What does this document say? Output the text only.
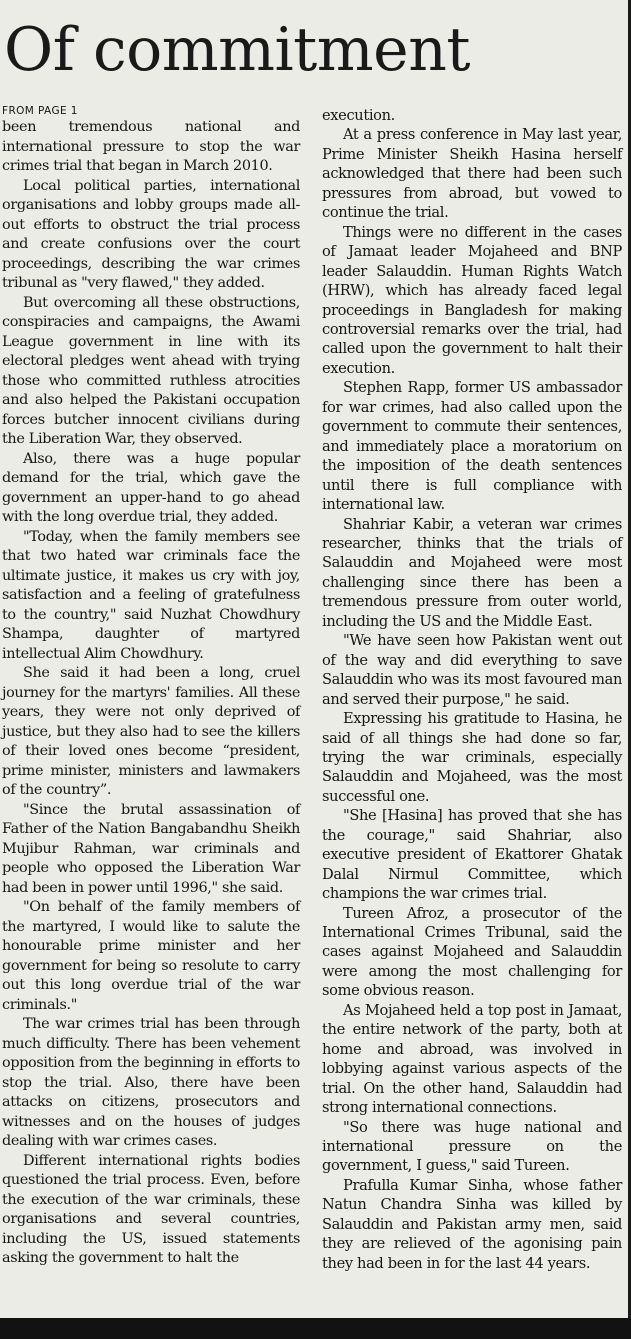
Of commitment

FROM PAGE 1

been tremendous national and international pressure to stop the war crimes trial that began in March 2010.

Local political parties, international organisations and lobby groups made all-out efforts to obstruct the trial process and create confusions over the court proceedings, describing the war crimes tribunal as "very flawed," they added.

But overcoming all these obstructions, conspiracies and campaigns, the Awami League government in line with its electoral pledges went ahead with trying those who committed ruthless atrocities and also helped the Pakistani occupation forces butcher innocent civilians during the Liberation War, they observed.

Also, there was a huge popular demand for the trial, which gave the government an upper-hand to go ahead with the long overdue trial, they added.

"Today, when the family members see that two hated war criminals face the ultimate justice, it makes us cry with joy, satisfaction and a feeling of gratefulness to the country," said Nuzhat Chowdhury Shampa, daughter of martyred intellectual Alim Chowdhury.

She said it had been a long, cruel journey for the martyrs' families. All these years, they were not only deprived of justice, but they also had to see the killers of their loved ones become “president, prime minister, ministers and lawmakers of the country”.

"Since the brutal assassination of Father of the Nation Bangabandhu Sheikh Mujibur Rahman, war criminals and people who opposed the Liberation War had been in power until 1996," she said.

"On behalf of the family members of the martyred, I would like to salute the honourable prime minister and her government for being so resolute to carry out this long overdue trial of the war criminals."

The war crimes trial has been through much difficulty. There has been vehement opposition from the beginning in efforts to stop the trial. Also, there have been attacks on citizens, prosecutors and witnesses and on the houses of judges dealing with war crimes cases.

Different international rights bodies questioned the trial process. Even, before the execution of the war criminals, these organisations and several countries, including the US, issued statements asking the government to halt the

execution.

At a press conference in May last year, Prime Minister Sheikh Hasina herself acknowledged that there had been such pressures from abroad, but vowed to continue the trial.

Things were no different in the cases of Jamaat leader Mojaheed and BNP leader Salauddin. Human Rights Watch (HRW), which has already faced legal proceedings in Bangladesh for making controversial remarks over the trial, had called upon the government to halt their execution.

Stephen Rapp, former US ambassador for war crimes, had also called upon the government to commute their sentences, and immediately place a moratorium on the imposition of the death sentences until there is full compliance with international law.

Shahriar Kabir, a veteran war crimes researcher, thinks that the trials of Salauddin and Mojaheed were most challenging since there has been a tremendous pressure from outer world, including the US and the Middle East.

"We have seen how Pakistan went out of the way and did everything to save Salauddin who was its most favoured man and served their purpose," he said.

Expressing his gratitude to Hasina, he said of all things she had done so far, trying the war criminals, especially Salauddin and Mojaheed, was the most successful one.

"She [Hasina] has proved that she has the courage," said Shahriar, also executive president of Ekattorer Ghatak Dalal Nirmul Committee, which champions the war crimes trial.

Tureen Afroz, a prosecutor of the International Crimes Tribunal, said the cases against Mojaheed and Salauddin were among the most challenging for some obvious reason.

As Mojaheed held a top post in Jamaat, the entire network of the party, both at home and abroad, was involved in lobbying against various aspects of the trial. On the other hand, Salauddin had strong international connections.

"So there was huge national and international pressure on the government, I guess," said Tureen.

Prafulla Kumar Sinha, whose father Natun Chandra Sinha was killed by Salauddin and Pakistan army men, said they are relieved of the agonising pain they had been in for the last 44 years.
